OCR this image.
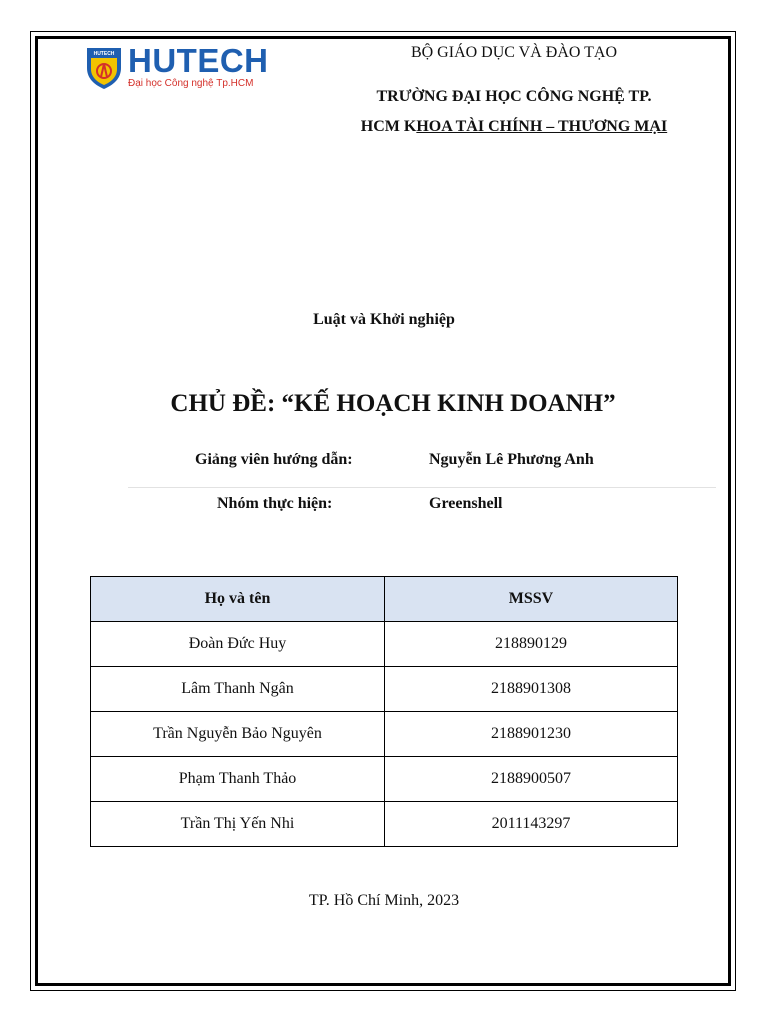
HUTECH HUTECH
Đại học Công nghệ Tp.HCM
BỘ GIÁO DỤC VÀ ĐÀO TẠO
TRƯỜNG ĐẠI HỌC CÔNG NGHỆ TP.
HCM KHOA TÀI CHÍNH – THƯƠNG MẠI
Luật và Khởi nghiệp
CHỦ ĐỀ: “KẾ HOẠCH KINH DOANH”
Giảng viên hướng dẫn:	Nguyễn Lê Phương Anh
Nhóm thực hiện:	Greenshell
Họ và tên	MSSV
Đoàn Đức Huy	218890129
Lâm Thanh Ngân	2188901308
Trần Nguyễn Bảo Nguyên	2188901230
Phạm Thanh Thảo	2188900507
Trần Thị Yến Nhi	2011143297
TP. Hồ Chí Minh, 2023
